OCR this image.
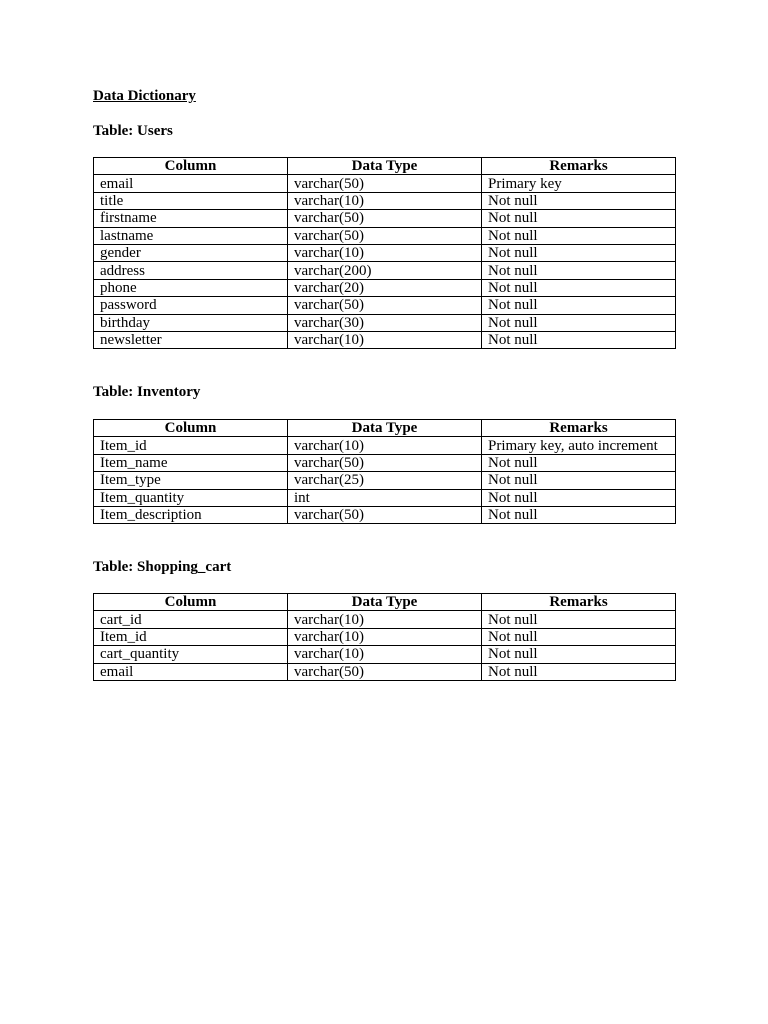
Data Dictionary
Table: Users
Column	Data Type	Remarks
email	varchar(50)	Primary key
title	varchar(10)	Not null
firstname	varchar(50)	Not null
lastname	varchar(50)	Not null
gender	varchar(10)	Not null
address	varchar(200)	Not null
phone	varchar(20)	Not null
password	varchar(50)	Not null
birthday	varchar(30)	Not null
newsletter	varchar(10)	Not null
Table: Inventory
Column	Data Type	Remarks
Item_id	varchar(10)	Primary key, auto increment
Item_name	varchar(50)	Not null
Item_type	varchar(25)	Not null
Item_quantity	int	Not null
Item_description	varchar(50)	Not null
Table: Shopping_cart
Column	Data Type	Remarks
cart_id	varchar(10)	Not null
Item_id	varchar(10)	Not null
cart_quantity	varchar(10)	Not null
email	varchar(50)	Not null
